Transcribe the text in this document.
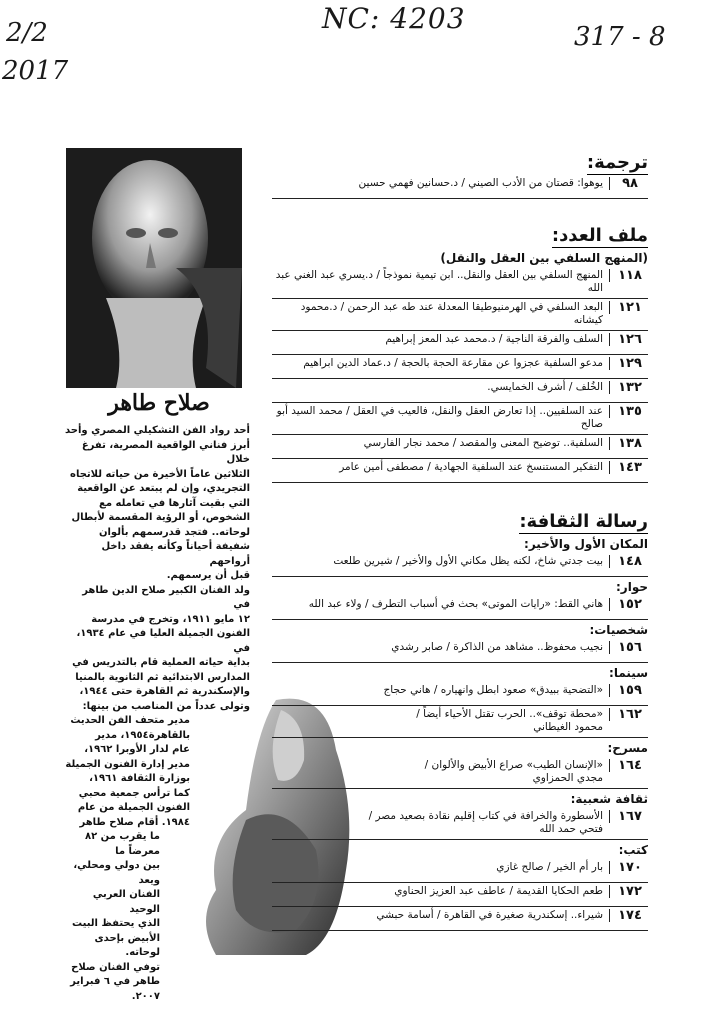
2/2
2017
NC: 4203
317 - 8
صلاح طاهر

أحد رواد الفن التشكيلي المصري وأحد

أبرز فناني الواقعية المصرية، تفرغ خلال

الثلاثين عاماً الأخيرة من حياته للاتجاه

التجريدي، وإن لم يبتعد عن الواقعية

التي بقيت آثارها في تعامله مع

الشخوص، أو الرؤية المقسمة لأبطال

لوحاته.. فتجد قدرسمهم بألوان

شفيفة أحياناً وكأنه يفقد داخل أرواحهم

قبل أن يرسمهم.

ولد الفنان الكبير صلاح الدين طاهر في

١٢ مايو ١٩١١، وتخرج في مدرسة

الفنون الجميلة العليا في عام ١٩٣٤، في

بداية حياته العملية قام بالتدريس في

المدارس الابتدائية ثم الثانوية بالمنيا

والإسكندرية ثم القاهرة حتى ١٩٤٤،

وتولى عدداً من المناصب من بينها:

مدير متحف الفن الحديث

بالقاهرة١٩٥٤، مدير

عام لدار الأوبرا ١٩٦٢،

مدير إدارة الفنون الجميلة

بوزارة الثقافة ١٩٦١،

كما ترأس جمعية محبي

الفنون الجميلة من عام

١٩٨٤. أقام صلاح طاهر

ما يقرب من ٨٢ معرضاً ما

بين دولي ومحلي، ويعد

الفنان العربي الوحيد

الذي يحتفظ البيت

الأبيض بإحدى لوحاته.

توفي الفنان صلاح

طاهر في ٦ فبراير

٢٠٠٧.

ترجمة:
٩٨
يوهوا: قصتان من الأدب الصيني / د.حسانين فهمي حسين
ملف العدد:
(المنهج السلفي بين العقل والنقل)
١١٨
المنهج السلفي بين العقل والنقل.. ابن تيمية نموذجاً / د.يسري عبد الغني عبد الله
١٢١
البعد السلفي في الهرمنيوطيقا المعدلة عند طه عبد الرحمن / د.محمود كيشانه
١٢٦
السلف والفرقة الناجية / د.محمد عبد المعز إبراهيم
١٢٩
مدعو السلفية عجزوا عن مقارعة الحجة بالحجة / د.عماد الدين ابراهيم
١٣٢
الخُلف / أشرف الخمايسي.
١٣٥
عند السلفيين.. إذا تعارض العقل والنقل، فالعيب في العقل / محمد السيد أبو صالح
١٣٨
السلفية.. توضيح المعنى والمقصد / محمد نجار الفارسي
١٤٣
التفكير المستنسخ عند السلفية الجهادية / مصطفى أمين عامر
رسالة الثقافة:
المكان الأول والأخير:
١٤٨
بيت جدتي شاخ، لكنه يظل مكاني الأول والأخير / شيرين طلعت
حوار:
١٥٢
هاني القط: «رايات الموتى» بحث في أسباب التطرف / ولاء عبد الله
شخصيات:
١٥٦
نجيب محفوظ.. مشاهد من الذاكرة / صابر رشدي
سينما:
١٥٩
«التضحية ببيدق» صعود ابطل وانهياره / هاني حجاج
١٦٢
«محطة توقف».. الحرب تقتل الأحياء أيضاً /
محمود الغيطاني
مسرح:
١٦٤
«الإنسان الطيب» صراع الأبيض والألوان /
مجدي الحمزاوي
ثقافة شعبية:
١٦٧
الأسطورة والخرافة في كتاب إقليم نقادة بصعيد مصر /
فتحي حمد الله
كتب:
١٧٠
بار أم الخير / صالح غازي
١٧٢
طعم الحكايا القديمة / عاطف عبد العزيز الحناوي
١٧٤
شيراء.. إسكندرية صغيرة في القاهرة / أسامة حبشي
